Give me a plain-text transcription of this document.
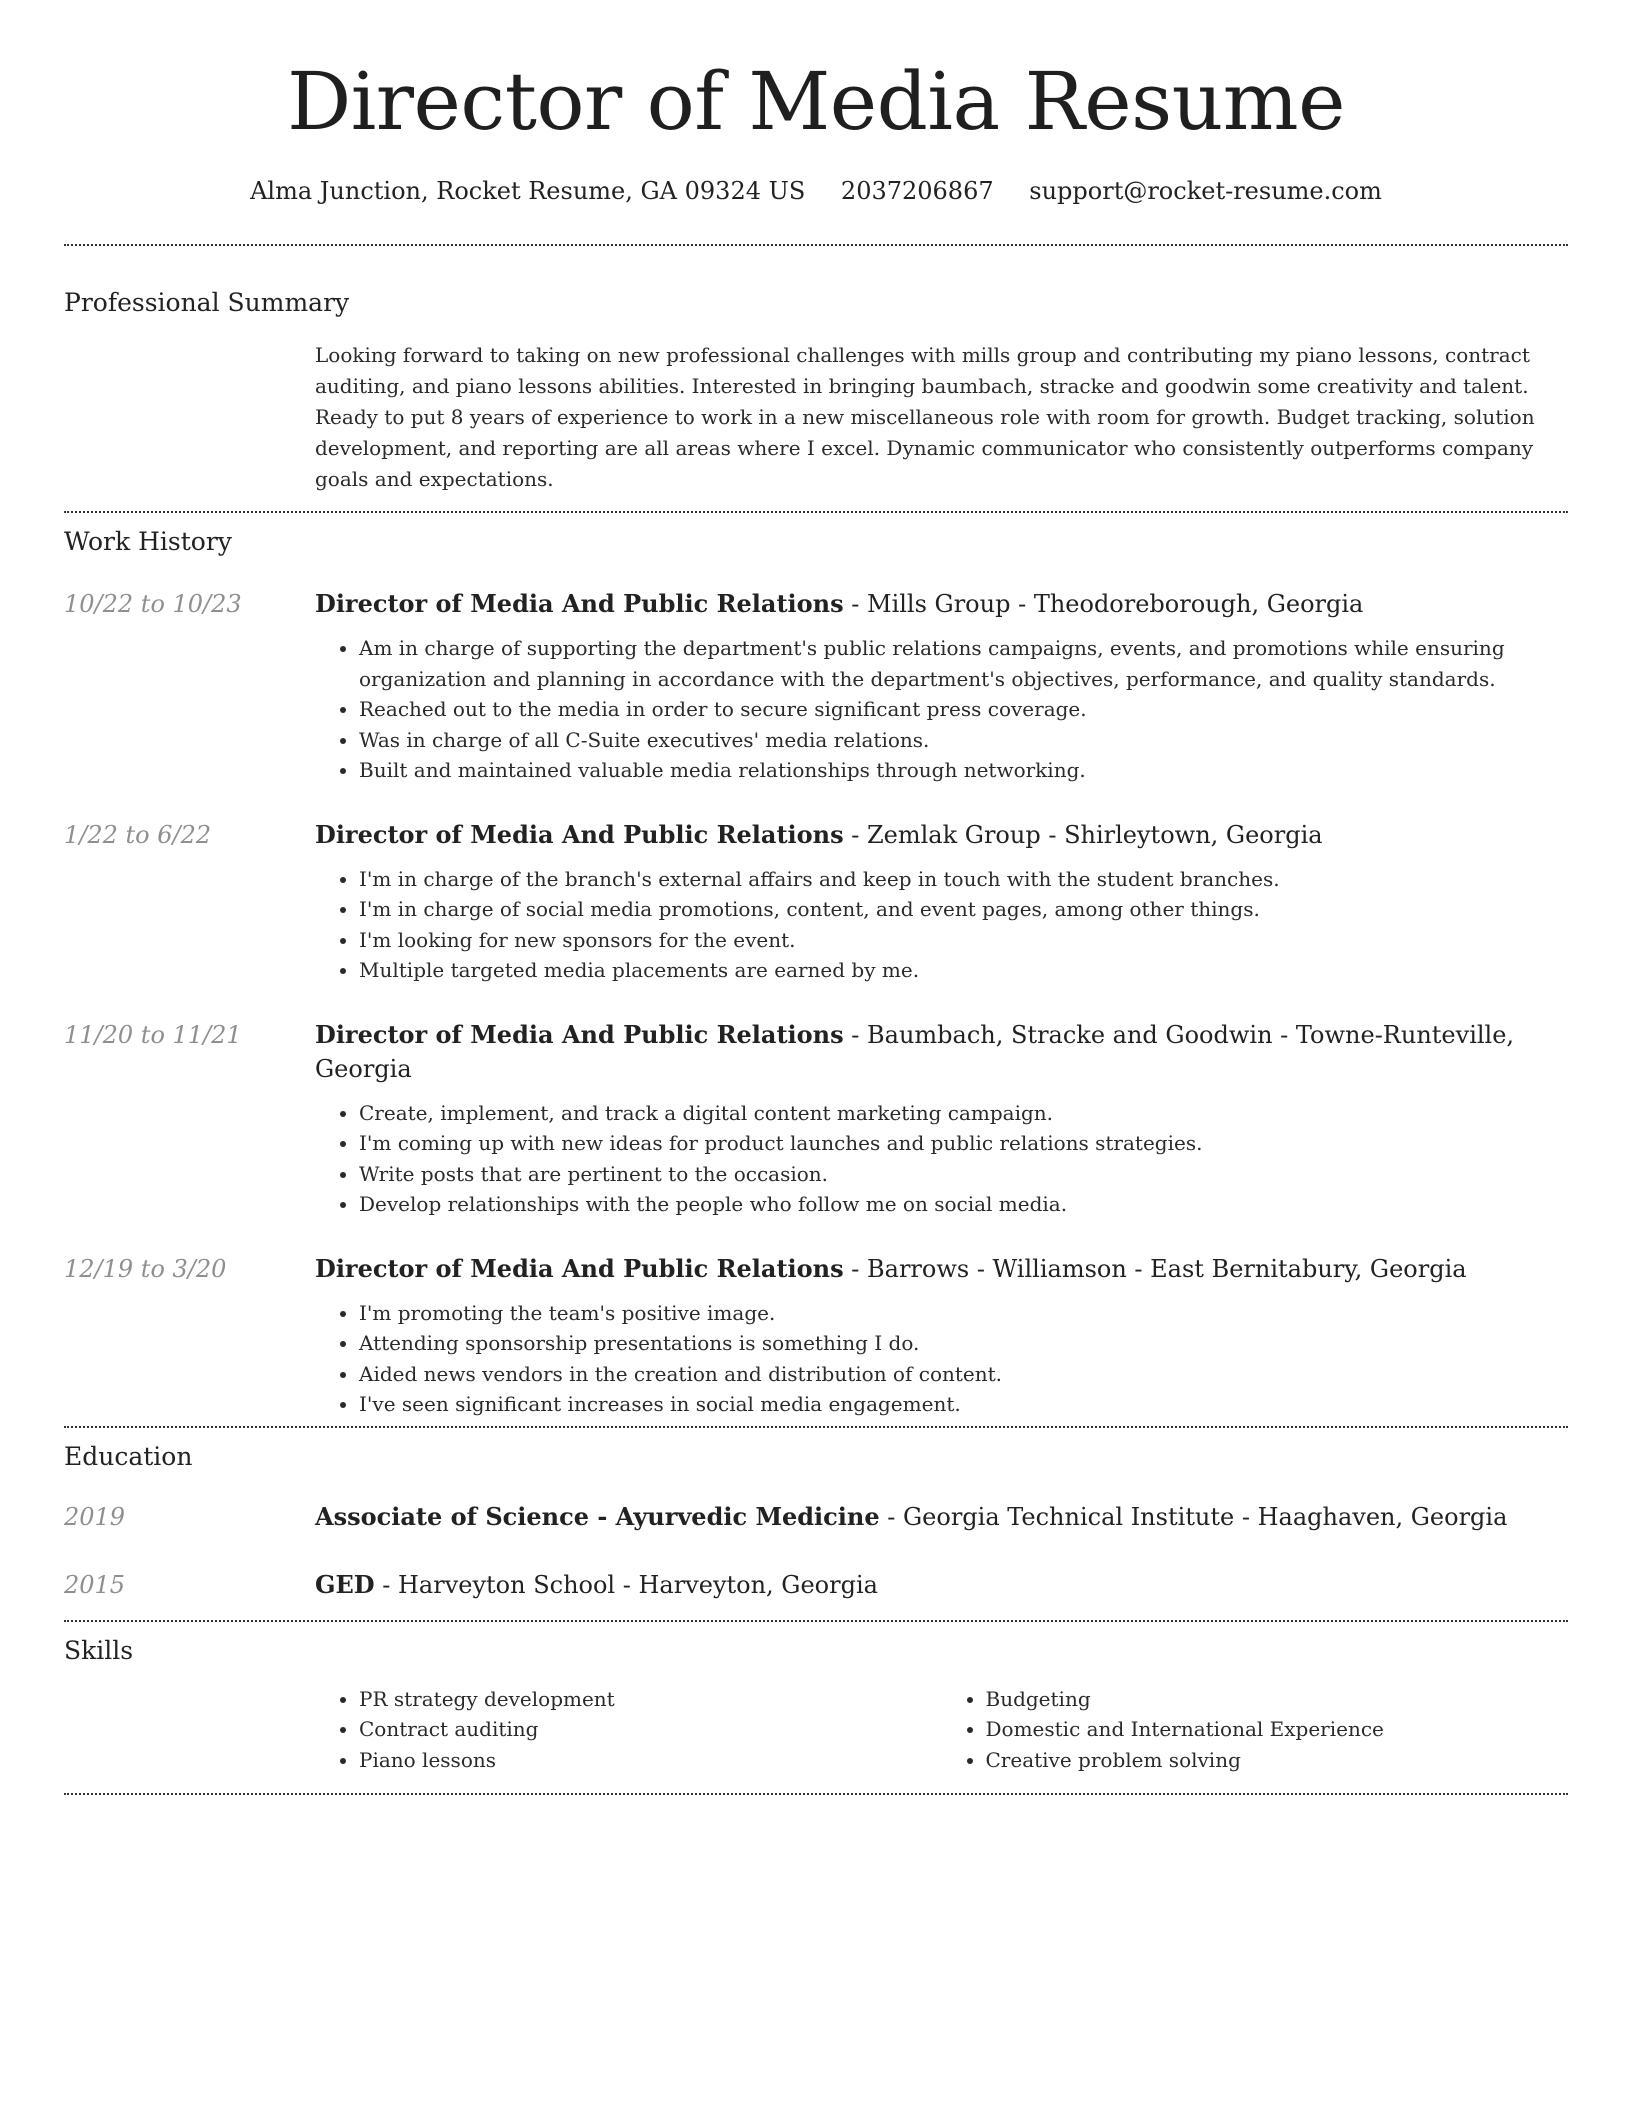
Director of Media Resume
Alma Junction, Rocket Resume, GA 09324 US 2037206867 support@rocket-resume.com
Professional Summary

Looking forward to taking on new professional challenges with mills group and contributing my piano lessons, contract auditing, and piano lessons abilities. Interested in bringing baumbach, stracke and goodwin some creativity and talent. Ready to put 8 years of experience to work in a new miscellaneous role with room for growth. Budget tracking, solution development, and reporting are all areas where I excel. Dynamic communicator who consistently outperforms company goals and expectations.

Work History
10/22 to 10/23	Director of Media And Public Relations - Mills Group - Theodoreborough, Georgia
• Am in charge of supporting the department's public relations campaigns, events, and promotions while ensuring organization and planning in accordance with the department's objectives, performance, and quality standards.
• Reached out to the media in order to secure significant press coverage.
• Was in charge of all C-Suite executives' media relations.
• Built and maintained valuable media relationships through networking.
1/22 to 6/22	Director of Media And Public Relations - Zemlak Group - Shirleytown, Georgia
• I'm in charge of the branch's external affairs and keep in touch with the student branches.
• I'm in charge of social media promotions, content, and event pages, among other things.
• I'm looking for new sponsors for the event.
• Multiple targeted media placements are earned by me.
11/20 to 11/21	Director of Media And Public Relations - Baumbach, Stracke and Goodwin - Towne-Runteville, Georgia
• Create, implement, and track a digital content marketing campaign.
• I'm coming up with new ideas for product launches and public relations strategies.
• Write posts that are pertinent to the occasion.
• Develop relationships with the people who follow me on social media.
12/19 to 3/20	Director of Media And Public Relations - Barrows - Williamson - East Bernitabury, Georgia
• I'm promoting the team's positive image.
• Attending sponsorship presentations is something I do.
• Aided news vendors in the creation and distribution of content.
• I've seen significant increases in social media engagement.
Education
2019	Associate of Science - Ayurvedic Medicine - Georgia Technical Institute - Haaghaven, Georgia
2015	GED - Harveyton School - Harveyton, Georgia
Skills
• PR strategy development
• Contract auditing
• Piano lessons
• Budgeting
• Domestic and International Experience
• Creative problem solving
